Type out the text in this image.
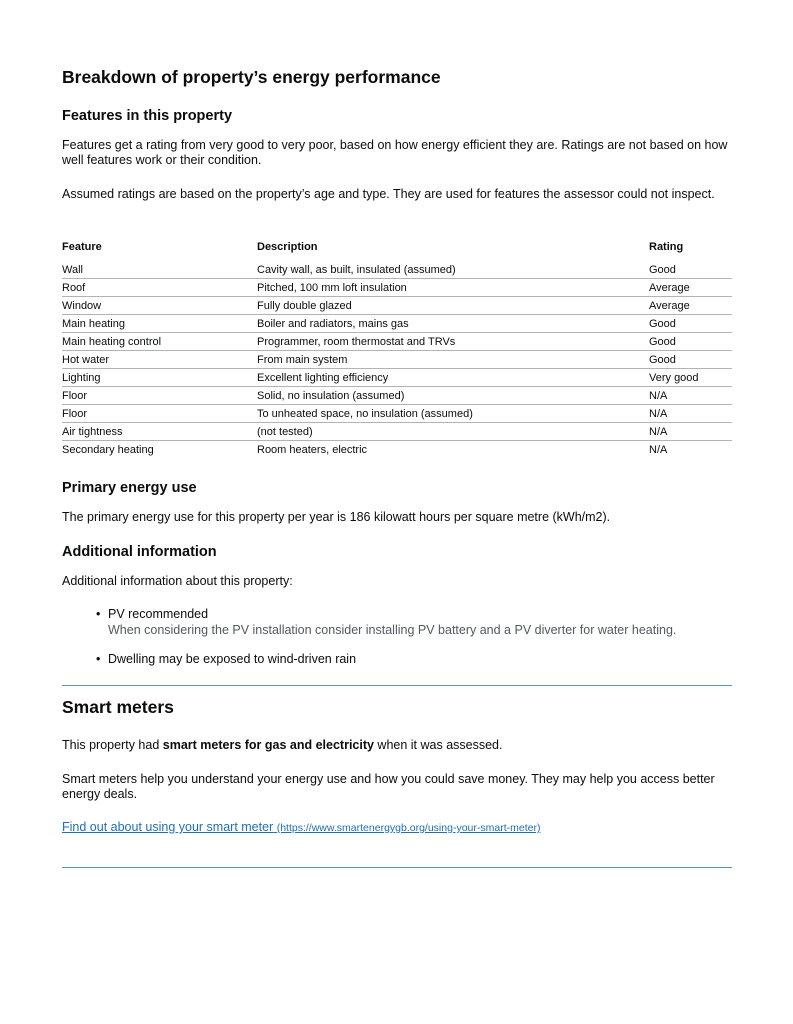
Breakdown of property’s energy performance
Features in this property

Features get a rating from very good to very poor, based on how energy efficient they are. Ratings are not based on how well features work or their condition.

Assumed ratings are based on the property’s age and type. They are used for features the assessor could not inspect.

Feature	Description	Rating
Wall	Cavity wall, as built, insulated (assumed)	Good
Roof	Pitched, 100 mm loft insulation	Average
Window	Fully double glazed	Average
Main heating	Boiler and radiators, mains gas	Good
Main heating control	Programmer, room thermostat and TRVs	Good
Hot water	From main system	Good
Lighting	Excellent lighting efficiency	Very good
Floor	Solid, no insulation (assumed)	N/A
Floor	To unheated space, no insulation (assumed)	N/A
Air tightness	(not tested)	N/A
Secondary heating	Room heaters, electric	N/A
Primary energy use

The primary energy use for this property per year is 186 kilowatt hours per square metre (kWh/m2).

Additional information

Additional information about this property:

• PV recommended
When considering the PV installation consider installing PV battery and a PV diverter for water heating.
• Dwelling may be exposed to wind-driven rain
Smart meters

This property had smart meters for gas and electricity when it was assessed.

Smart meters help you understand your energy use and how you could save money. They may help you access better energy deals.

Find out about using your smart meter (https://www.smartenergygb.org/using-your-smart-meter)
